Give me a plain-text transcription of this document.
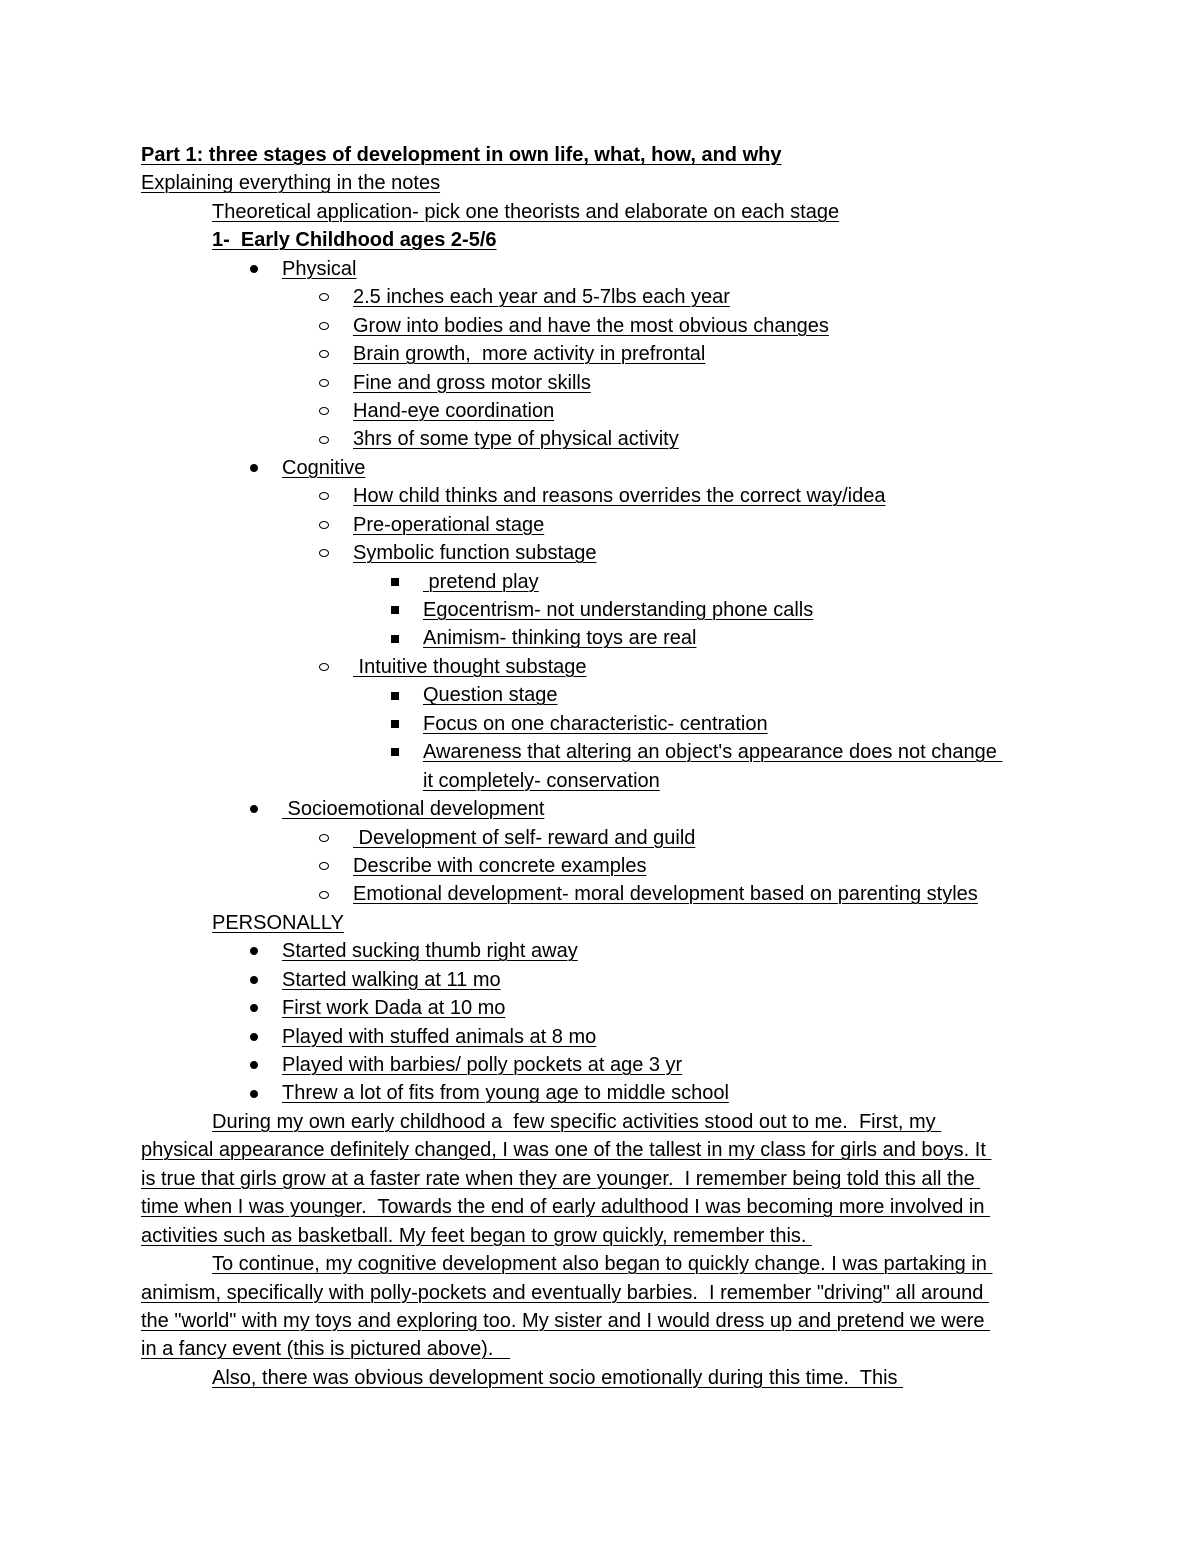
Part 1: three stages of development in own life, what, how, and why
Explaining everything in the notes
Theoretical application- pick one theorists and elaborate on each stage
1-  Early Childhood ages 2-5/6
Physical
2.5 inches each year and 5-7lbs each year
Grow into bodies and have the most obvious changes
Brain growth,  more activity in prefrontal
Fine and gross motor skills
Hand-eye coordination
3hrs of some type of physical activity
Cognitive
How child thinks and reasons overrides the correct way/idea
Pre-operational stage
Symbolic function substage
pretend play
Egocentrism- not understanding phone calls
Animism- thinking toys are real
Intuitive thought substage
Question stage
Focus on one characteristic- centration
Awareness that altering an object's appearance does not change
it completely- conservation
Socioemotional development
Development of self- reward and guild
Describe with concrete examples
Emotional development- moral development based on parenting styles
PERSONALLY
Started sucking thumb right away
Started walking at 11 mo
First work Dada at 10 mo
Played with stuffed animals at 8 mo
Played with barbies/ polly pockets at age 3 yr
Threw a lot of fits from young age to middle school
During my own early childhood a  few specific activities stood out to me.  First, my
physical appearance definitely changed, I was one of the tallest in my class for girls and boys. It
is true that girls grow at a faster rate when they are younger.  I remember being told this all the
time when I was younger.  Towards the end of early adulthood I was becoming more involved in
activities such as basketball. My feet began to grow quickly, remember this.
To continue, my cognitive development also began to quickly change. I was partaking in
animism, specifically with polly-pockets and eventually barbies.  I remember "driving" all around
the "world" with my toys and exploring too. My sister and I would dress up and pretend we were
in a fancy event (this is pictured above).
Also, there was obvious development socio emotionally during this time.  This
